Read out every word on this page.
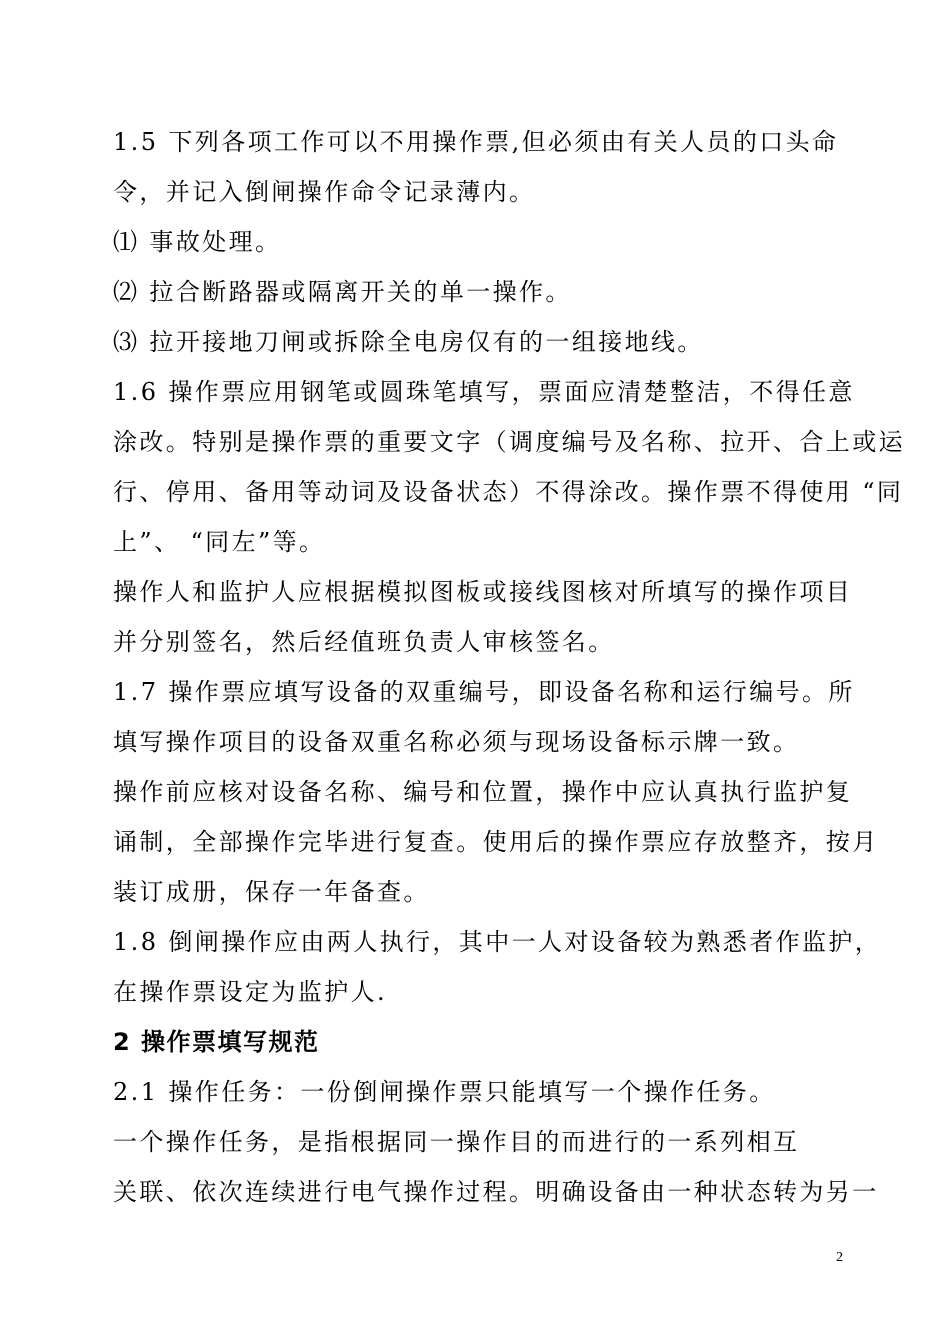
1.5 下列各项工作可以不用操作票,但必须由有关人员的口头命
令，并记入倒闸操作命令记录薄内。
⑴ 事故处理。
⑵ 拉合断路器或隔离开关的单一操作。
⑶ 拉开接地刀闸或拆除全电房仅有的一组接地线。
1.6 操作票应用钢笔或圆珠笔填写，票面应清楚整洁，不得任意
涂改。特别是操作票的重要文字（调度编号及名称、拉开、合上或运
行、停用、备用等动词及设备状态）不得涂改。操作票不得使用 “同
上”、 “同左”等。
操作人和监护人应根据模拟图板或接线图核对所填写的操作项目
并分别签名，然后经值班负责人审核签名。
1.7 操作票应填写设备的双重编号，即设备名称和运行编号。所
填写操作项目的设备双重名称必须与现场设备标示牌一致。
操作前应核对设备名称、编号和位置，操作中应认真执行监护复
诵制，全部操作完毕进行复查。使用后的操作票应存放整齐，按月
装订成册，保存一年备查。
1.8 倒闸操作应由两人执行，其中一人对设备较为熟悉者作监护，
在操作票设定为监护人.
2 操作票填写规范
2.1 操作任务：一份倒闸操作票只能填写一个操作任务。
一个操作任务，是指根据同一操作目的而进行的一系列相互
关联、依次连续进行电气操作过程。明确设备由一种状态转为另一
2
